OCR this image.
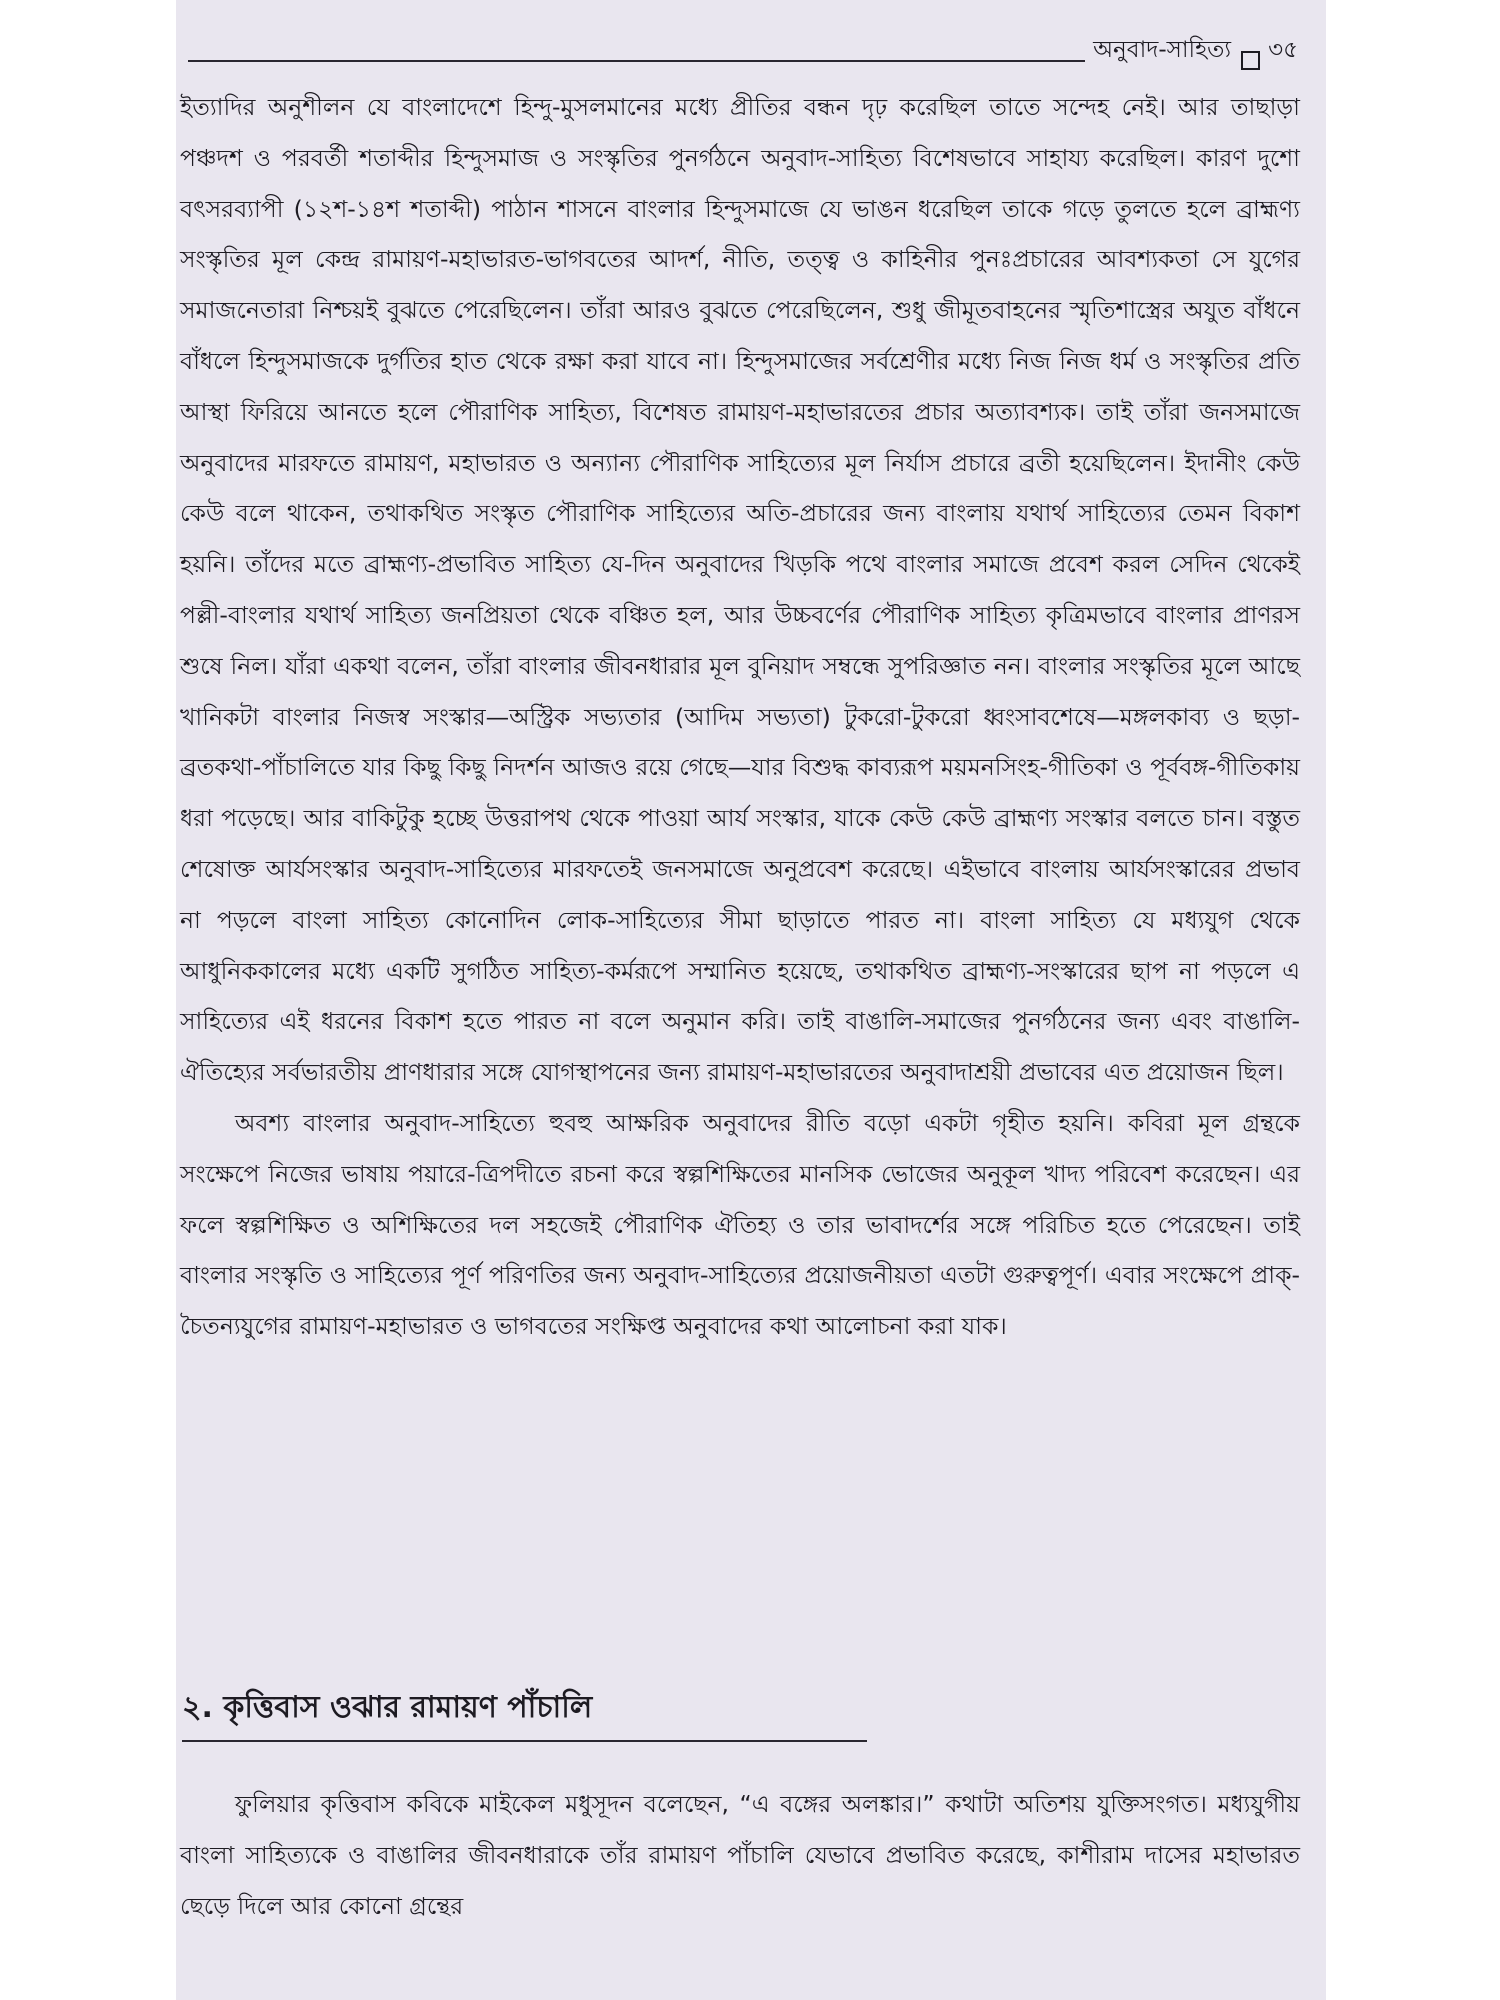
অনুবাদ-সাহিত্য ৩৫

ইত্যাদির অনুশীলন যে বাংলাদেশে হিন্দু-মুসলমানের মধ্যে প্রীতির বন্ধন দৃঢ় করেছিল তাতে সন্দেহ নেই। আর তাছাড়া পঞ্চদশ ও পরবর্তী শতাব্দীর হিন্দুসমাজ ও সংস্কৃতির পুনর্গঠনে অনুবাদ-সাহিত্য বিশেষভাবে সাহায্য করেছিল। কারণ দুশো বৎসরব্যাপী (১২শ-১৪শ শতাব্দী) পাঠান শাসনে বাংলার হিন্দুসমাজে যে ভাঙন ধরেছিল তাকে গড়ে তুলতে হলে ব্রাহ্মণ্য সংস্কৃতির মূল কেন্দ্র রামায়ণ-মহাভারত-ভাগবতের আদর্শ, নীতি, তত্ত্ব ও কাহিনীর পুনঃপ্রচারের আবশ্যকতা সে যুগের সমাজনেতারা নিশ্চয়ই বুঝতে পেরেছিলেন। তাঁরা আরও বুঝতে পেরেছিলেন, শুধু জীমূতবাহনের স্মৃতিশাস্ত্রের অযুত বাঁধনে বাঁধলে হিন্দুসমাজকে দুর্গতির হাত থেকে রক্ষা করা যাবে না। হিন্দুসমাজের সর্বশ্রেণীর মধ্যে নিজ নিজ ধর্ম ও সংস্কৃতির প্রতি আস্থা ফিরিয়ে আনতে হলে পৌরাণিক সাহিত্য, বিশেষত রামায়ণ-মহাভারতের প্রচার অত্যাবশ্যক। তাই তাঁরা জনসমাজে অনুবাদের মারফতে রামায়ণ, মহাভারত ও অন্যান্য পৌরাণিক সাহিত্যের মূল নির্যাস প্রচারে ব্রতী হয়েছিলেন। ইদানীং কেউ কেউ বলে থাকেন, তথাকথিত সংস্কৃত পৌরাণিক সাহিত্যের অতি-প্রচারের জন্য বাংলায় যথার্থ সাহিত্যের তেমন বিকাশ হয়নি। তাঁদের মতে ব্রাহ্মণ্য-প্রভাবিত সাহিত্য যে-দিন অনুবাদের খিড়কি পথে বাংলার সমাজে প্রবেশ করল সেদিন থেকেই পল্লী-বাংলার যথার্থ সাহিত্য জনপ্রিয়তা থেকে বঞ্চিত হল, আর উচ্চবর্ণের পৌরাণিক সাহিত্য কৃত্রিমভাবে বাংলার প্রাণরস শুষে নিল। যাঁরা একথা বলেন, তাঁরা বাংলার জীবনধারার মূল বুনিয়াদ সম্বন্ধে সুপরিজ্ঞাত নন। বাংলার সংস্কৃতির মূলে আছে খানিকটা বাংলার নিজস্ব সংস্কার—অস্ট্রিক সভ্যতার (আদিম সভ্যতা) টুকরো-টুকরো ধ্বংসাবশেষে—মঙ্গলকাব্য ও ছড়া-ব্রতকথা-পাঁচালিতে যার কিছু কিছু নিদর্শন আজও রয়ে গেছে—যার বিশুদ্ধ কাব্যরূপ ময়মনসিংহ-গীতিকা ও পূর্ববঙ্গ-গীতিকায় ধরা পড়েছে। আর বাকিটুকু হচ্ছে উত্তরাপথ থেকে পাওয়া আর্য সংস্কার, যাকে কেউ কেউ ব্রাহ্মণ্য সংস্কার বলতে চান। বস্তুত শেষোক্ত আর্যসংস্কার অনুবাদ-সাহিত্যের মারফতেই জনসমাজে অনুপ্রবেশ করেছে। এইভাবে বাংলায় আর্যসংস্কারের প্রভাব না পড়লে বাংলা সাহিত্য কোনোদিন লোক-সাহিত্যের সীমা ছাড়াতে পারত না। বাংলা সাহিত্য যে মধ্যযুগ থেকে আধুনিককালের মধ্যে একটি সুগঠিত সাহিত্য-কর্মরূপে সম্মানিত হয়েছে, তথাকথিত ব্রাহ্মণ্য-সংস্কারের ছাপ না পড়লে এ সাহিত্যের এই ধরনের বিকাশ হতে পারত না বলে অনুমান করি। তাই বাঙালি-সমাজের পুনর্গঠনের জন্য এবং বাঙালি-ঐতিহ্যের সর্বভারতীয় প্রাণধারার সঙ্গে যোগস্থাপনের জন্য রামায়ণ-মহাভারতের অনুবাদাশ্রয়ী প্রভাবের এত প্রয়োজন ছিল।

অবশ্য বাংলার অনুবাদ-সাহিত্যে হুবহু আক্ষরিক অনুবাদের রীতি বড়ো একটা গৃহীত হয়নি। কবিরা মূল গ্রন্থকে সংক্ষেপে নিজের ভাষায় পয়ারে-ত্রিপদীতে রচনা করে স্বল্পশিক্ষিতের মানসিক ভোজের অনুকূল খাদ্য পরিবেশ করেছেন। এর ফলে স্বল্পশিক্ষিত ও অশিক্ষিতের দল সহজেই পৌরাণিক ঐতিহ্য ও তার ভাবাদর্শের সঙ্গে পরিচিত হতে পেরেছেন। তাই বাংলার সংস্কৃতি ও সাহিত্যের পূর্ণ পরিণতির জন্য অনুবাদ-সাহিত্যের প্রয়োজনীয়তা এতটা গুরুত্বপূর্ণ। এবার সংক্ষেপে প্রাক্-চৈতন্যযুগের রামায়ণ-মহাভারত ও ভাগবতের সংক্ষিপ্ত অনুবাদের কথা আলোচনা করা যাক।

২. কৃত্তিবাস ওঝার রামায়ণ পাঁচালি

ফুলিয়ার কৃত্তিবাস কবিকে মাইকেল মধুসূদন বলেছেন, “এ বঙ্গের অলঙ্কার।” কথাটা অতিশয় যুক্তিসংগত। মধ্যযুগীয় বাংলা সাহিত্যকে ও বাঙালির জীবনধারাকে তাঁর রামায়ণ পাঁচালি যেভাবে প্রভাবিত করেছে, কাশীরাম দাসের মহাভারত ছেড়ে দিলে আর কোনো গ্রন্থের
